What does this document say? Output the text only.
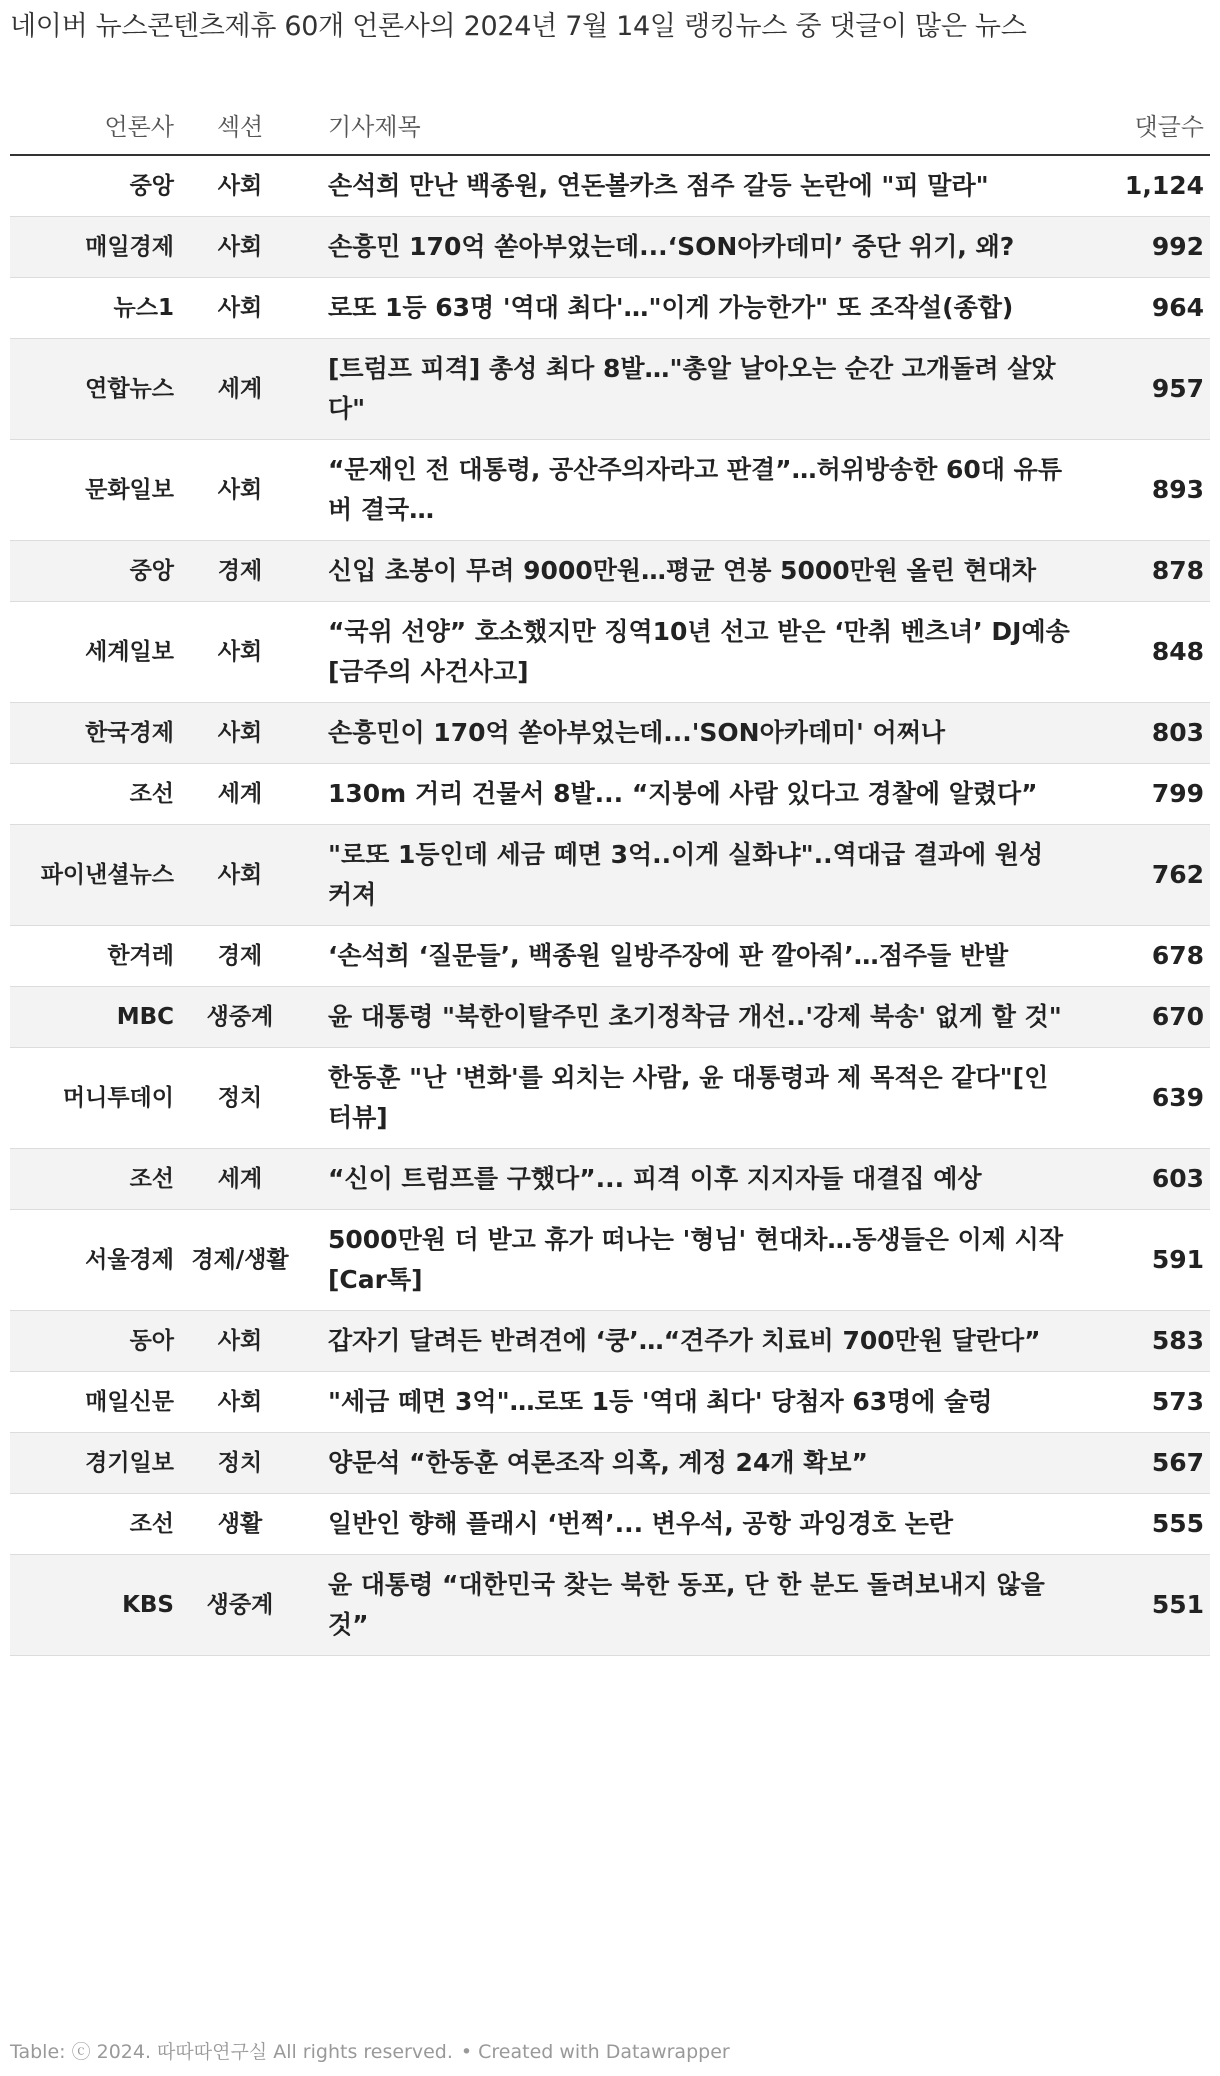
네이버 뉴스콘텐츠제휴 60개 언론사의 2024년 7월 14일 랭킹뉴스 중 댓글이 많은 뉴스
언론사	섹션	기사제목	댓글수
중앙	사회	손석희 만난 백종원, 연돈볼카츠 점주 갈등 논란에 "피 말라"	1,124
매일경제	사회	손흥민 170억 쏟아부었는데...‘SON아카데미’ 중단 위기, 왜?	992
뉴스1	사회	로또 1등 63명 '역대 최다'…"이게 가능한가" 또 조작설(종합)	964
연합뉴스	세계	[트럼프 피격] 총성 최다 8발…"총알 날아오는 순간 고개돌려 살았다"	957
문화일보	사회	“문재인 전 대통령, 공산주의자라고 판결”…허위방송한 60대 유튜버 결국…	893
중앙	경제	신입 초봉이 무려 9000만원…평균 연봉 5000만원 올린 현대차	878
세계일보	사회	“국위 선양” 호소했지만 징역10년 선고 받은 ‘만취 벤츠녀’ DJ예송 [금주의 사건사고]	848
한국경제	사회	손흥민이 170억 쏟아부었는데...'SON아카데미' 어쩌나	803
조선	세계	130m 거리 건물서 8발... “지붕에 사람 있다고 경찰에 알렸다”	799
파이낸셜뉴스	사회	"로또 1등인데 세금 떼면 3억..이게 실화냐"..역대급 결과에 원성 커져	762
한겨레	경제	‘손석희 ‘질문들’, 백종원 일방주장에 판 깔아줘’…점주들 반발	678
MBC	생중계	윤 대통령 "북한이탈주민 초기정착금 개선..'강제 북송' 없게 할 것"	670
머니투데이	정치	한동훈 "난 '변화'를 외치는 사람, 윤 대통령과 제 목적은 같다"[인터뷰]	639
조선	세계	“신이 트럼프를 구했다”... 피격 이후 지지자들 대결집 예상	603
서울경제	경제/생활	5000만원 더 받고 휴가 떠나는 '형님' 현대차…동생들은 이제 시작 [Car톡]	591
동아	사회	갑자기 달려든 반려견에 ‘쿵’…“견주가 치료비 700만원 달란다”	583
매일신문	사회	"세금 떼면 3억"…로또 1등 '역대 최다' 당첨자 63명에 술렁	573
경기일보	정치	양문석 “한동훈 여론조작 의혹, 계정 24개 확보”	567
조선	생활	일반인 향해 플래시 ‘번쩍’... 변우석, 공항 과잉경호 논란	555
KBS	생중계	윤 대통령 “대한민국 찾는 북한 동포, 단 한 분도 돌려보내지 않을 것”	551
Table: ⓒ 2024. 따따따연구실 All rights reserved. • Created with Datawrapper
